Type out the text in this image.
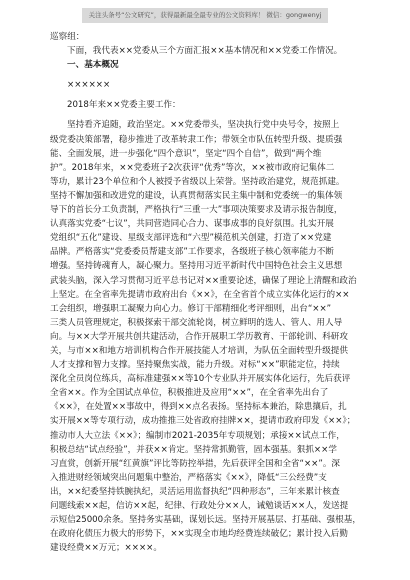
关注头条号“公文研究”，获得最新最全最专业的公文资料库！ 微信：gongwenyj
巡察组：
下面，我代表××党委从三个方面汇报××基本情况和××党委工作情况。
一、基本概况
××××××
2018年来××党委主要工作：
坚持看齐追随，政治坚定。××党委带头，坚决执行党中央号令，按照上
级党委决策部署，稳步推进了改革转隶工作；带领全市队伍转型升级、提质强
能、全面发展，进一步强化“四个意识”，坚定“四个自信”，做到“两个维
护”。2018年来，××党委班子2次获评“优秀”等次，××被市政府记集体二
等功，累计23个单位和个人被授予省级以上荣誉。坚持政治建党，规范抓建。
坚持不懈加强和改进党的建设，认真贯彻落实民主集中制和党委统一的集体领
导下的首长分工负责制，严格执行“三重一大”事项决策要求及请示报告制度，
认真落实党委“七议”，共同营造同心合力、谋事成事的良好氛围。扎实开展
党组织“五化”建设、星级支部评选和“六型”模范机关创建，打造了××党建
品牌。严格落实“党委委员帮建支部”工作要求，各级班子核心领率能力不断
增强。坚持铸魂育人，凝心聚力。坚持用习近平新时代中国特色社会主义思想
武装头脑，深入学习贯彻习近平总书记对××重要论述，确保了理论上清醒和政治
上坚定。在全省率先提请市政府出台《××》，在全省首个成立实体化运行的××
工会组织，增强职工凝聚力向心力。修订干部精细化考评细则，出台“××”
三类人员管理规定，积极探索干部交流轮岗，树立鲜明的选人、管人、用人导
向。与××大学开展共创共建活动，合作开展职工学历教育、干部轮训、科研攻
关，与市××和地方培训机构合作开展技能人才培训，为队伍全面转型升级提供
人才支撑和智力支撑。坚持聚焦实战，能力升级。对标“××”职能定位，持续
深化全员岗位练兵，高标准建强××等10个专业队并开展实体化运行，先后获评
全省××。作为全国试点单位，积极推进及应用“××”，在全省率先出台了
《××》，在处置××事故中，得到××点名表扬。坚持标本兼治，除患攘后，扎
实开展××等专项行动，成功推推三处省政府挂牌××，提请市政府印发《××》；
推动市人大立法《××》；编制市2021-2035年专项规划；承接××试点工作，
积极总结“试点经验”，并获××肯定。坚持常抓勤管，固本强基。狠抓××学
习直赏，创新开展“红黄旗”评比等防控举措，先后获评全国和全省“××”。深
入推进财经领域突出问题集中整治，严格落实《××》，降低“三公经费”支
出，××纪委坚持铁腕执纪，灵活运用监督执纪“四种形态”，三年来累计核查
问题线索××起，信访××起，纪律、行政处分××人，诫勉谈话××人，发送提
示短信25000余条。坚持务实基础，谋划长远。坚持开展基层、打基础、强根基，
在政府化债压力极大的形势下，××实现全市地均经费连续破亿；累计投入后勤
建设经费××万元；××××。
